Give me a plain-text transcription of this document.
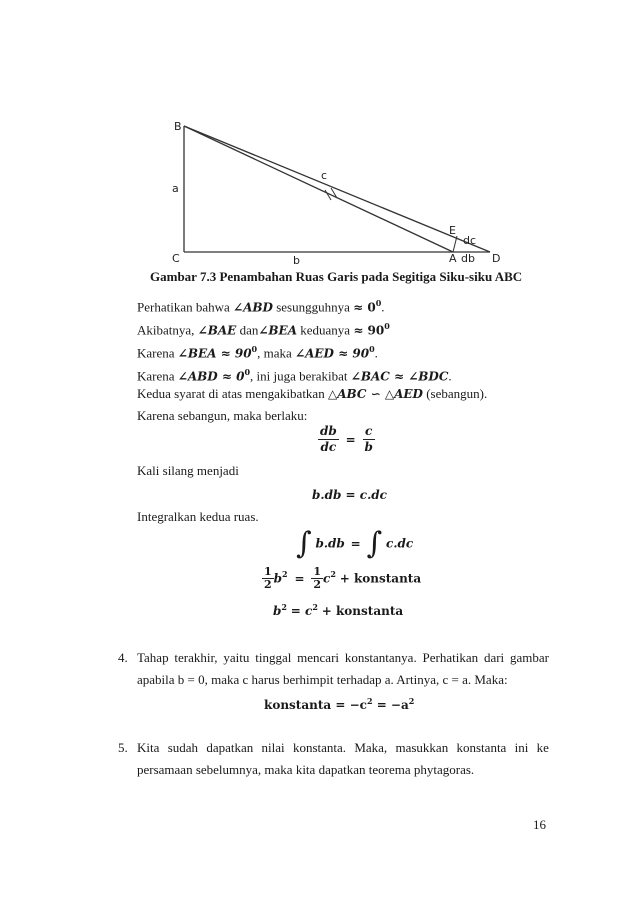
B
C
a
b
c
E
dc
A db D
Gambar 7.3 Penambahan Ruas Garis pada Segitiga Siku-siku ABC
Perhatikan bahwa ∠ABD sesungguhnya ≈ $0^0$.
Akibatnya, ∠BAE dan∠BEA keduanya ≈ $90^0$
Karena ∠BEA ≈ $90^0$, maka ∠AED ≈ $90^0$.
Karena ∠ABD ≈ $0^0$, ini juga berakibat ∠BAC ≈ ∠BDC.
Kedua syarat di atas mengakibatkan △ABC ∽ △AED (sebangun).
Karena sebangun, maka berlaku:
$\frac{db}{dc} = \frac{c}{b}$
Kali silang menjadi
b.db = c.dc
Integralkan kedua ruas.
∫ b.db = ∫ c.dc
$\frac{1}{2} b^2 = \frac{1}{2} c^2$ + konstanta
$b^2 = c^2$ + konstanta
4. Tahap terakhir, yaitu tinggal mencari konstantanya. Perhatikan dari gambar
apabila b = 0, maka c harus berhimpit terhadap a. Artinya, c = a. Maka:
konstanta = $-c^2 = -a^2$
5. Kita sudah dapatkan nilai konstanta. Maka, masukkan konstanta ini ke
persamaan sebelumnya, maka kita dapatkan teorema phytagoras.
16
